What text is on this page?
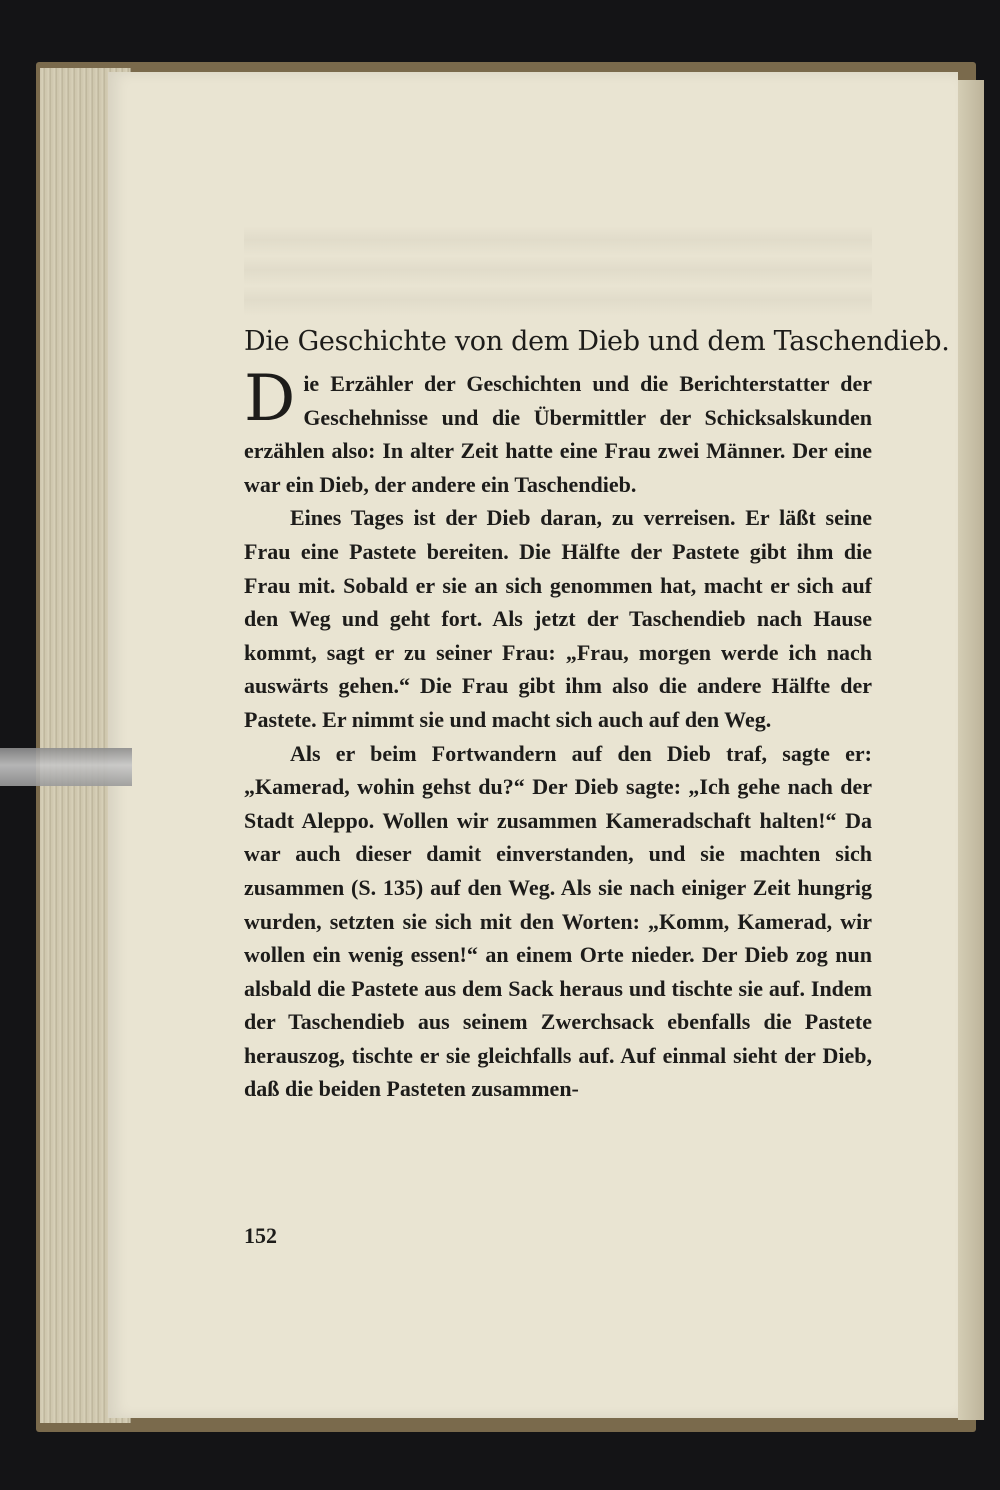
Die Geschichte von dem Dieb und dem Taschendieb.

Die Erzähler der Geschichten und die Berichterstatter der Geschehnisse und die Übermittler der Schicksalskunden erzählen also: In alter Zeit hatte eine Frau zwei Männer. Der eine war ein Dieb, der andere ein Taschendieb.

Eines Tages ist der Dieb daran, zu verreisen. Er läßt seine Frau eine Pastete bereiten. Die Hälfte der Pastete gibt ihm die Frau mit. Sobald er sie an sich genommen hat, macht er sich auf den Weg und geht fort. Als jetzt der Taschendieb nach Hause kommt, sagt er zu seiner Frau: „Frau, morgen werde ich nach auswärts gehen.“ Die Frau gibt ihm also die andere Hälfte der Pastete. Er nimmt sie und macht sich auch auf den Weg.

Als er beim Fortwandern auf den Dieb traf, sagte er: „Kamerad, wohin gehst du?“ Der Dieb sagte: „Ich gehe nach der Stadt Aleppo. Wollen wir zusammen Kameradschaft halten!“ Da war auch dieser damit einverstanden, und sie machten sich zusammen (S. 135) auf den Weg. Als sie nach einiger Zeit hungrig wurden, setzten sie sich mit den Worten: „Komm, Kamerad, wir wollen ein wenig essen!“ an einem Orte nieder. Der Dieb zog nun alsbald die Pastete aus dem Sack heraus und tischte sie auf. Indem der Taschendieb aus seinem Zwerchsack ebenfalls die Pastete herauszog, tischte er sie gleichfalls auf. Auf einmal sieht der Dieb, daß die beiden Pasteten zusammen-

152
